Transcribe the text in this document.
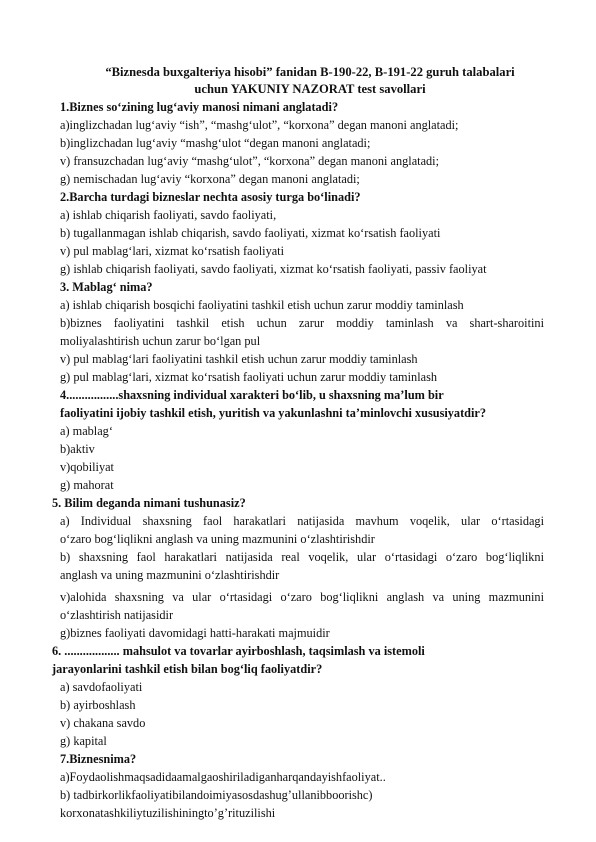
“Biznesda buxgalteriya hisobi” fanidan B-190-22, B-191-22 guruh talabalari
uchun YAKUNIY NAZORAT test savollari
1.Biznes so‘zining lug‘aviy manosi nimani anglatadi?
a)inglizchadan lug‘aviy “ish”, “mashg‘ulot”, “korxona” degan manoni anglatadi;
b)inglizchadan lug‘aviy “mashg‘ulot “degan manoni anglatadi;
v) fransuzchadan lug‘aviy “mashg‘ulot”, “korxona” degan manoni anglatadi;
g) nemischadan lug‘aviy “korxona” degan manoni anglatadi;
2.Barcha turdagi bizneslar nechta asosiy turga bo‘linadi?
a) ishlab chiqarish faoliyati, savdo faoliyati,
b) tugallanmagan ishlab chiqarish, savdo faoliyati, xizmat ko‘rsatish faoliyati
v) pul mablag‘lari, xizmat ko‘rsatish faoliyati
g) ishlab chiqarish faoliyati, savdo faoliyati, xizmat ko‘rsatish faoliyati, passiv faoliyat
3. Mablag‘ nima?
a) ishlab chiqarish bosqichi faoliyatini tashkil etish uchun zarur moddiy taminlash
b)biznes faoliyatini tashkil etish uchun zarur moddiy taminlash va shart-sharoitini
moliyalashtirish uchun zarur bo‘lgan pul
v) pul mablag‘lari faoliyatini tashkil etish uchun zarur moddiy taminlash
g) pul mablag‘lari, xizmat ko‘rsatish faoliyati uchun zarur moddiy taminlash
4.................shaxsning individual xarakteri bo‘lib, u shaxsning ma’lum bir
faoliyatini ijobiy tashkil etish, yuritish va yakunlashni ta’minlovchi xususiyatdir?
a) mablag‘
b)aktiv
v)qobiliyat
g) mahorat
5. Bilim deganda nimani tushunasiz?
a) Individual shaxsning faol harakatlari natijasida mavhum voqelik, ular o‘rtasidagi
o‘zaro bog‘liqlikni anglash va uning mazmunini o‘zlashtirishdir
b) shaxsning faol harakatlari natijasida real voqelik, ular o‘rtasidagi o‘zaro bog‘liqlikni
anglash va uning mazmunini o‘zlashtirishdir
v)alohida shaxsning va ular o‘rtasidagi o‘zaro bog‘liqlikni anglash va uning mazmunini
o‘zlashtirish natijasidir
g)biznes faoliyati davomidagi hatti-harakati majmuidir
6. .................. mahsulot va tovarlar ayirboshlash, taqsimlash va istemoli
jarayonlarini tashkil etish bilan bog‘liq faoliyatdir?
a) savdofaoliyati
b) ayirboshlash
v) chakana savdo
g) kapital
7.Biznesnima?
a)Foydaolishmaqsadidaamalgaoshiriladiganharqandayishfaoliyat..
b) tadbirkorlikfaoliyatibilandoimiyasosdashug’ullanibboorishc)
korxonatashkiliytuzilishiningto’g’rituzilishi
